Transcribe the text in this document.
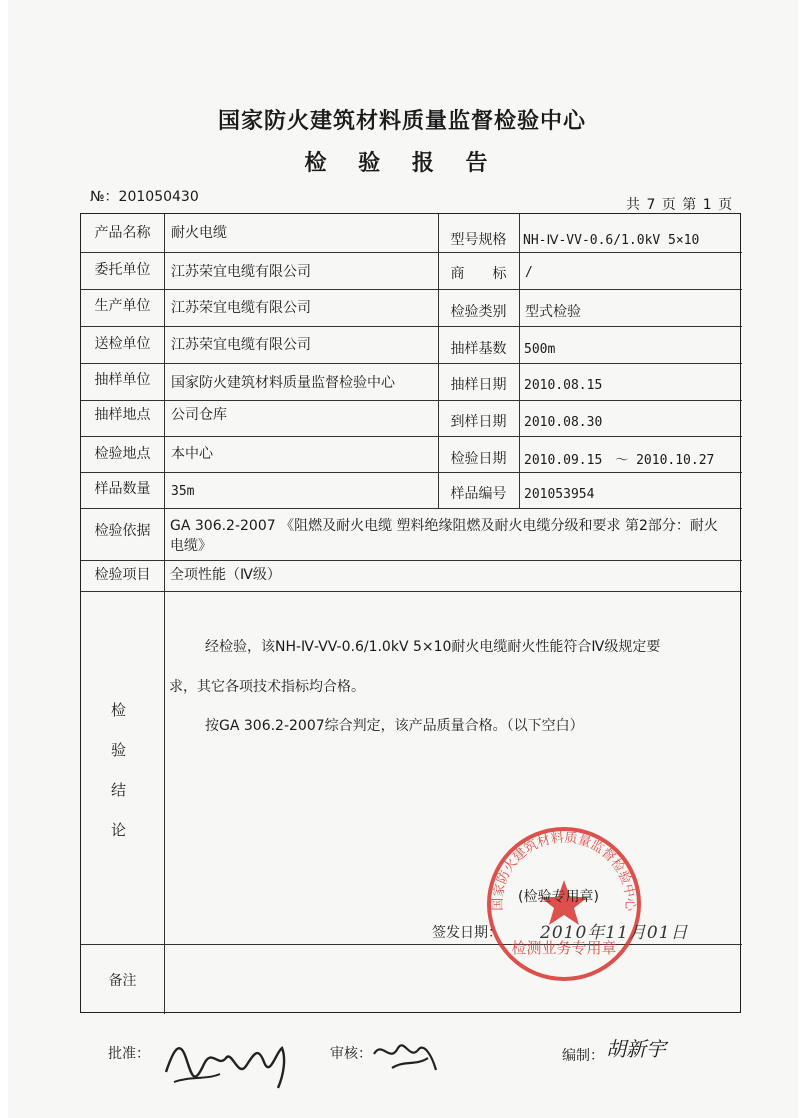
国家防火建筑材料质量监督检验中心
检 验 报 告
№：201050430	共 7 页 第 1 页
产品名称	耐火电缆	型号规格	NH-Ⅳ-VV-0.6/1.0kV 5×10
委托单位	江苏荣宜电缆有限公司	商　　标	/
生产单位	江苏荣宜电缆有限公司	检验类别	型式检验
送检单位	江苏荣宜电缆有限公司	抽样基数	500m
抽样单位	国家防火建筑材料质量监督检验中心	抽样日期	2010.08.15
抽样地点	公司仓库	到样日期	2010.08.30
检验地点	本中心	检验日期	2010.09.15　～ 2010.10.27
样品数量	35m	样品编号	201053954
检验依据	GA 306.2-2007 《阻燃及耐火电缆 塑料绝缘阻燃及耐火电缆分级和要求 第2部分：耐火电缆》
检验项目	全项性能（Ⅳ级）
检
验
结
论
经检验，该NH-Ⅳ-VV-0.6/1.0kV 5×10耐火电缆耐火性能符合Ⅳ级规定要
求，其它各项技术指标均合格。
按GA 306.2-2007综合判定，该产品质量合格。（以下空白）
备注
国家防火建筑材料质量监督检验中心
检测业务专用章
(检验专用章)
签发日期： 2010年11月01日
批准：	审核：	编制： 胡新宇
